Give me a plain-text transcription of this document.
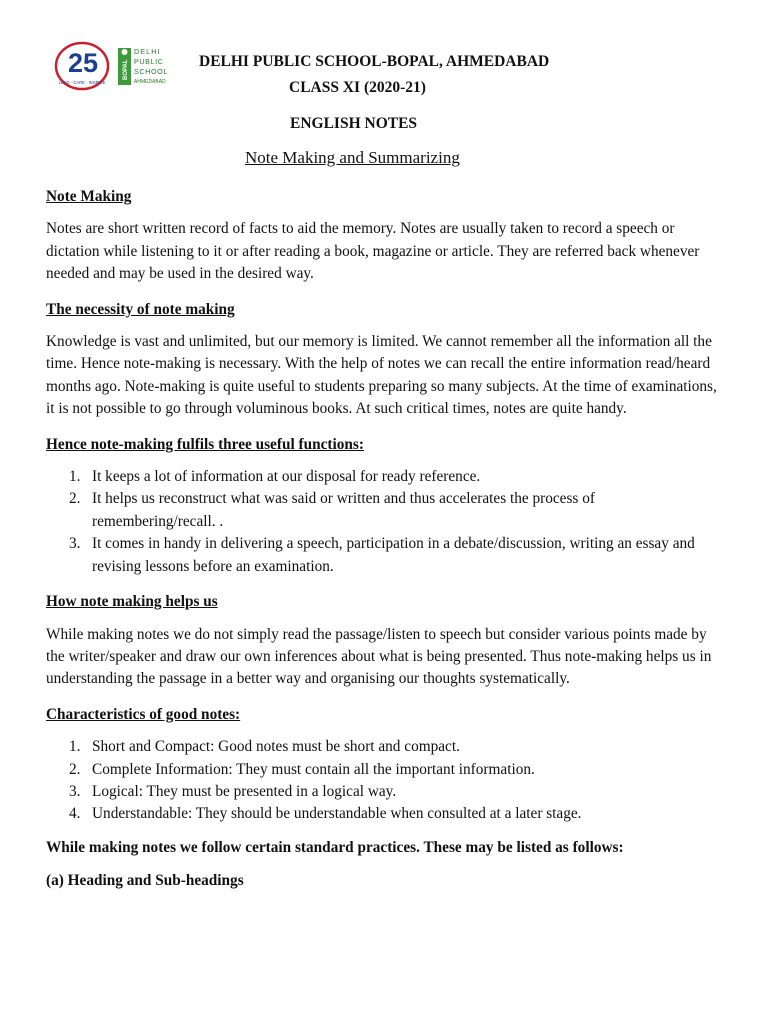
25
LEAD · CARE · INSPIRE
BOPAL
DELHI
PUBLIC
SCHOOL
AHMEDABAD
DELHI PUBLIC SCHOOL-BOPAL, AHMEDABAD
CLASS XI (2020-21)
ENGLISH NOTES
Note Making and Summarizing

Note Making

Notes are short written record of facts to aid the memory. Notes are usually taken to record a speech or dictation while listening to it or after reading a book, magazine or article. They are referred back whenever needed and may be used in the desired way.

The necessity of note making

Knowledge is vast and unlimited, but our memory is limited. We cannot remember all the information all the time. Hence note-making is necessary. With the help of notes we can recall the entire information read/heard months ago. Note-making is quite useful to students preparing so many subjects. At the time of examinations, it is not possible to go through voluminous books. At such critical times, notes are quite handy.

Hence note-making fulfils three useful functions:

1. It keeps a lot of information at our disposal for ready reference.
2. It helps us reconstruct what was said or written and thus accelerates the process of remembering/recall. .
3. It comes in handy in delivering a speech, participation in a debate/discussion, writing an essay and revising lessons before an examination.

How note making helps us

While making notes we do not simply read the passage/listen to speech but consider various points made by the writer/speaker and draw our own inferences about what is being presented. Thus note-making helps us in understanding the passage in a better way and organising our thoughts systematically.

Characteristics of good notes:

1. Short and Compact: Good notes must be short and compact.
2. Complete Information: They must contain all the important information.
3. Logical: They must be presented in a logical way.
4. Understandable: They should be understandable when consulted at a later stage.

While making notes we follow certain standard practices. These may be listed as follows:

(a) Heading and Sub-headings
